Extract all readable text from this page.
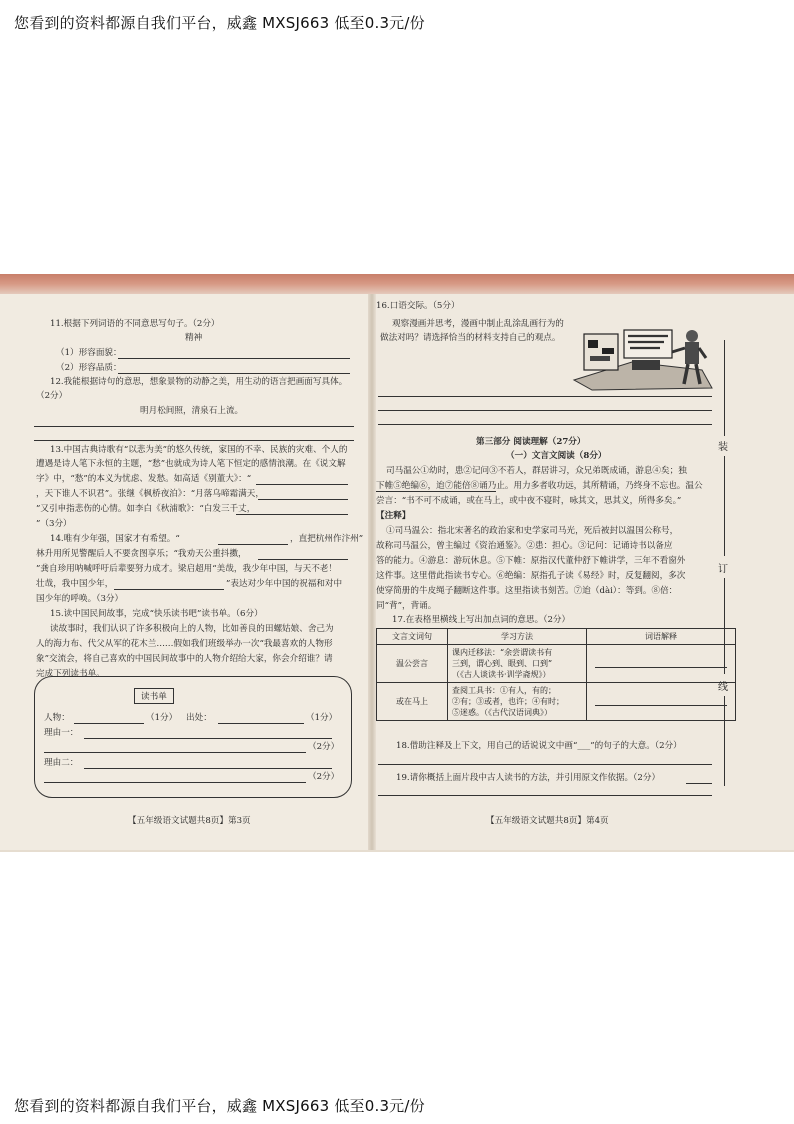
您看到的资料都源自我们平台，威鑫 MXSJ663 低至0.3元/份
11.根据下列词语的不同意思写句子。（2分）
精神
（1）形容面貌：
（2）形容品质：
12.我能根据诗句的意思，想象景物的动静之美，用生动的语言把画面写具体。
（2分）
明月松间照，清泉石上流。
13.中国古典诗歌有“以悲为美”的悠久传统，家国的不幸、民族的灾难、个人的
遭遇是诗人笔下永恒的主题，“愁”也就成为诗人笔下恒定的感情浪潮。在《说文解
字》中，“愁”的本义为忧虑、发愁。如高适《别董大》：“
，天下谁人不识君”。张继《枫桥夜泊》：“月落乌啼霜满天，
”又引申指悲伤的心情。如李白《秋浦歌》：“白发三千丈，
”（3分）
14.唯有少年强，国家才有希望。“	，直把杭州作汴州”
林升用所见警醒后人不要贪图享乐；“我劝天公重抖擞，
”龚自珍用呐喊呼吁后辈要努力成才。梁启超用“美哉，我少年中国，与天不老！
壮哉，我中国少年，	”表达对少年中国的祝福和对中
国少年的呼唤。（3分）
15.读中国民间故事，完成“快乐读书吧”读书单。（6分）
读故事时，我们认识了许多积极向上的人物，比如善良的田螺姑娘、舍己为
人的海力布、代父从军的花木兰……假如我们班级举办一次“我最喜欢的人物形
象”交流会，将自己喜欢的中国民间故事中的人物介绍给大家，你会介绍谁？请
完成下列读书单。
读书单
人物：	（1分） 出处：	（1分）
理由一：
（2分）
理由二：
（2分）
【五年级语文试题共8页】第3页
16.口语交际。（5分）
观察漫画并思考，漫画中制止乱涂乱画行为的
做法对吗？请选择恰当的材料支持自己的观点。
第三部分 阅读理解（27分）
（一）文言文阅读（8分）
司马温公①幼时，患②记问③不若人，群居讲习，众兄弟既成诵，游息④矣；独
下帷⑤绝编⑥，迨⑦能倍⑧诵乃止。用力多者收功远，其所精诵，乃终身不忘也。温公
尝言：“书不可不成诵，或在马上，或中夜不寝时，咏其文，思其义，所得多矣。”
【注释】
①司马温公：指北宋著名的政治家和史学家司马光，死后被封以温国公称号，
故称司马温公，曾主编过《资治通鉴》。②患：担心。③记问：记诵诗书以备应
答的能力。④游息：游玩休息。⑤下帷：原指汉代董仲舒下帷讲学，三年不看窗外
这件事。这里借此指读书专心。⑥绝编：原指孔子读《易经》时，反复翻阅，多次
使穿简册的牛皮绳子翻断这件事。这里指读书刻苦。⑦迨（dài）：等到。⑧倍：
同“背”，背诵。
17.在表格里横线上写出加点词的意思。（2分）
文言文词句	学习方法	词语解释
温公尝言	课内迁移法：“余尝谓读书有
三到，谓心到、眼到、口到”
（《古人谈读书·训学斋规》）	

或在马上	查阅工具书：①有人，有的；
②有；③或者，也许；④有时；
⑤迷惑。（《古代汉语词典》）	

18.借助注释及上下文，用自己的话说说文中画“___”的句子的大意。（2分）
19.请你概括上面片段中古人读书的方法，并引用原文作依据。（2分）
【五年级语文试题共8页】第4页
装
订
线
您看到的资料都源自我们平台，威鑫 MXSJ663 低至0.3元/份
